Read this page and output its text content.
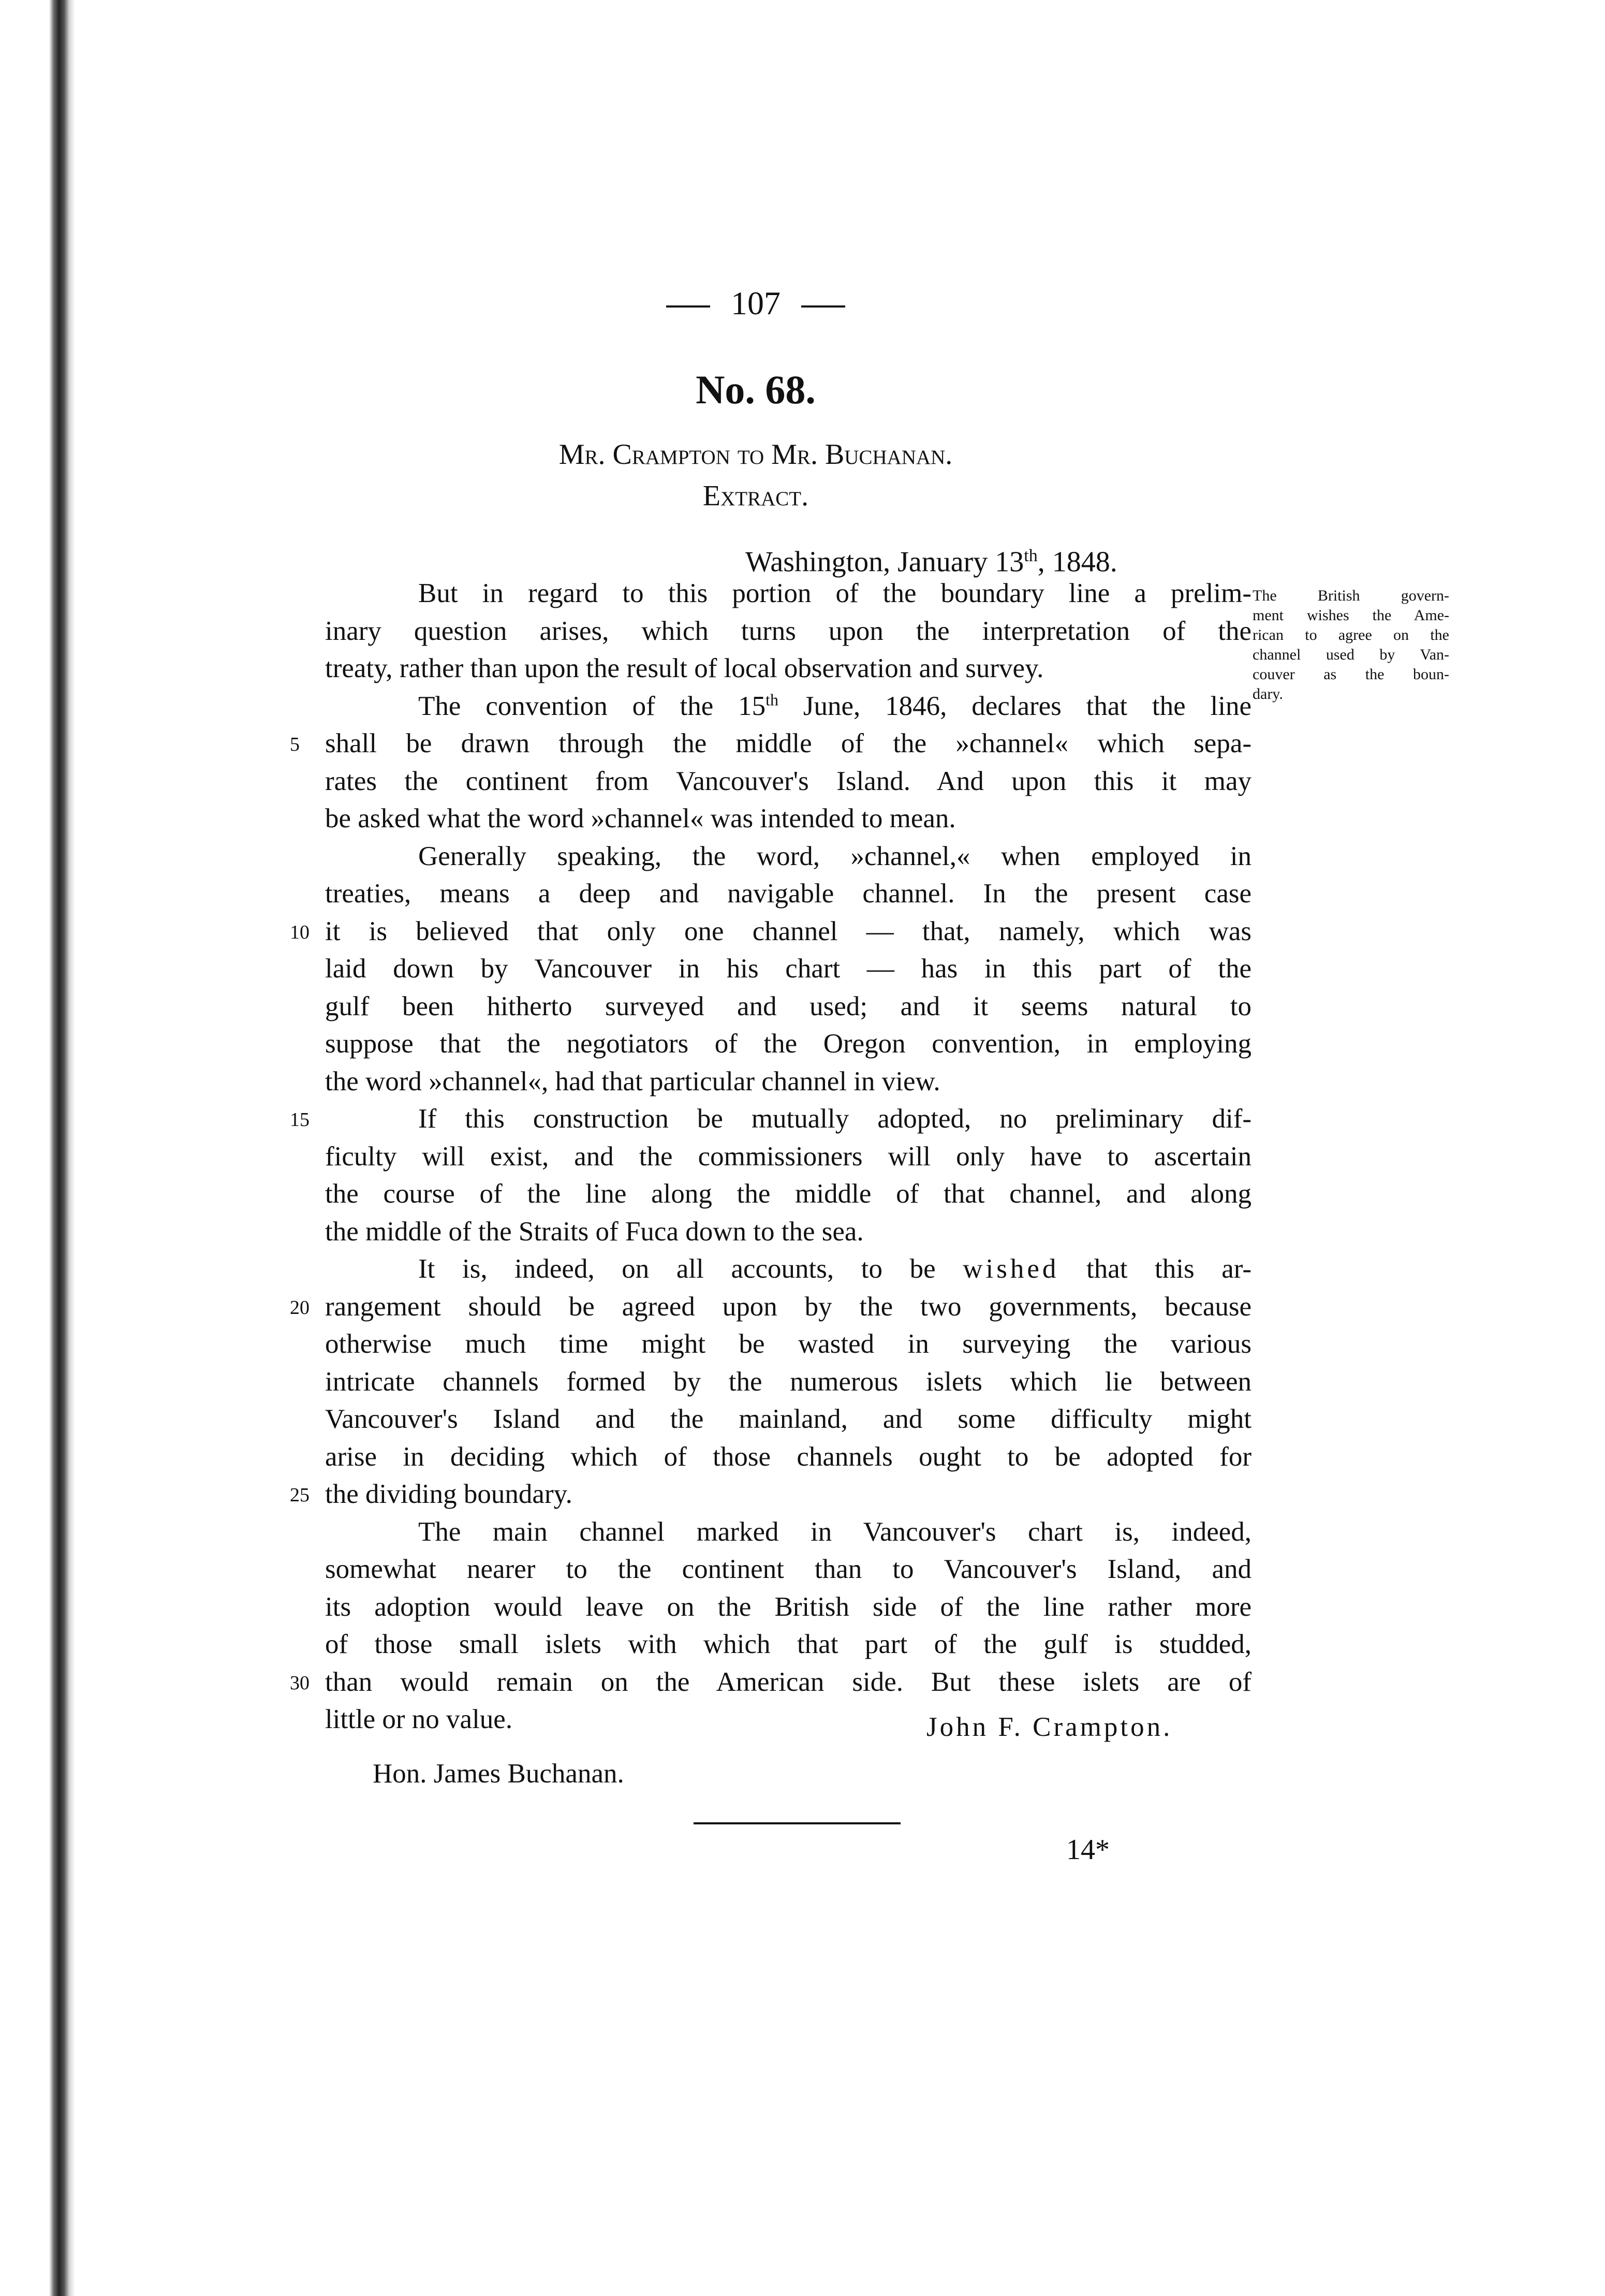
107
No. 68.
Mr. Crampton to Mr. Buchanan.
Extract.
Washington, January 13th, 1848.
But in regard to this portion of the boundary line a prelim-
inary question arises, which turns upon the interpretation of the
treaty, rather than upon the result of local observation and survey.
The convention of the 15th June, 1846, declares that the line
5 shall be drawn through the middle of the »channel« which sepa-
rates the continent from Vancouver's Island. And upon this it may
be asked what the word »channel« was intended to mean.
Generally speaking, the word, »channel,« when employed in
treaties, means a deep and navigable channel. In the present case
10 it is believed that only one channel — that, namely, which was
laid down by Vancouver in his chart — has in this part of the
gulf been hitherto surveyed and used; and it seems natural to
suppose that the negotiators of the Oregon convention, in employing
the word »channel«, had that particular channel in view.
15	If this construction be mutually adopted, no preliminary dif-
ficulty will exist, and the commissioners will only have to ascertain
the course of the line along the middle of that channel, and along
the middle of the Straits of Fuca down to the sea.
It is, indeed, on all accounts, to be wished that this ar-
20 rangement should be agreed upon by the two governments, because
otherwise much time might be wasted in surveying the various
intricate channels formed by the numerous islets which lie between
Vancouver's Island and the mainland, and some difficulty might
arise in deciding which of those channels ought to be adopted for
25 the dividing boundary.
The main channel marked in Vancouver's chart is, indeed,
somewhat nearer to the continent than to Vancouver's Island, and
its adoption would leave on the British side of the line rather more
of those small islets with which that part of the gulf is studded,
30 than would remain on the American side. But these islets are of
little or no value.
The British govern-
ment wishes the Ame-
rican to agree on the
channel used by Van-
couver as the boun-
dary.
John F. Crampton.
Hon. James Buchanan.
14*
